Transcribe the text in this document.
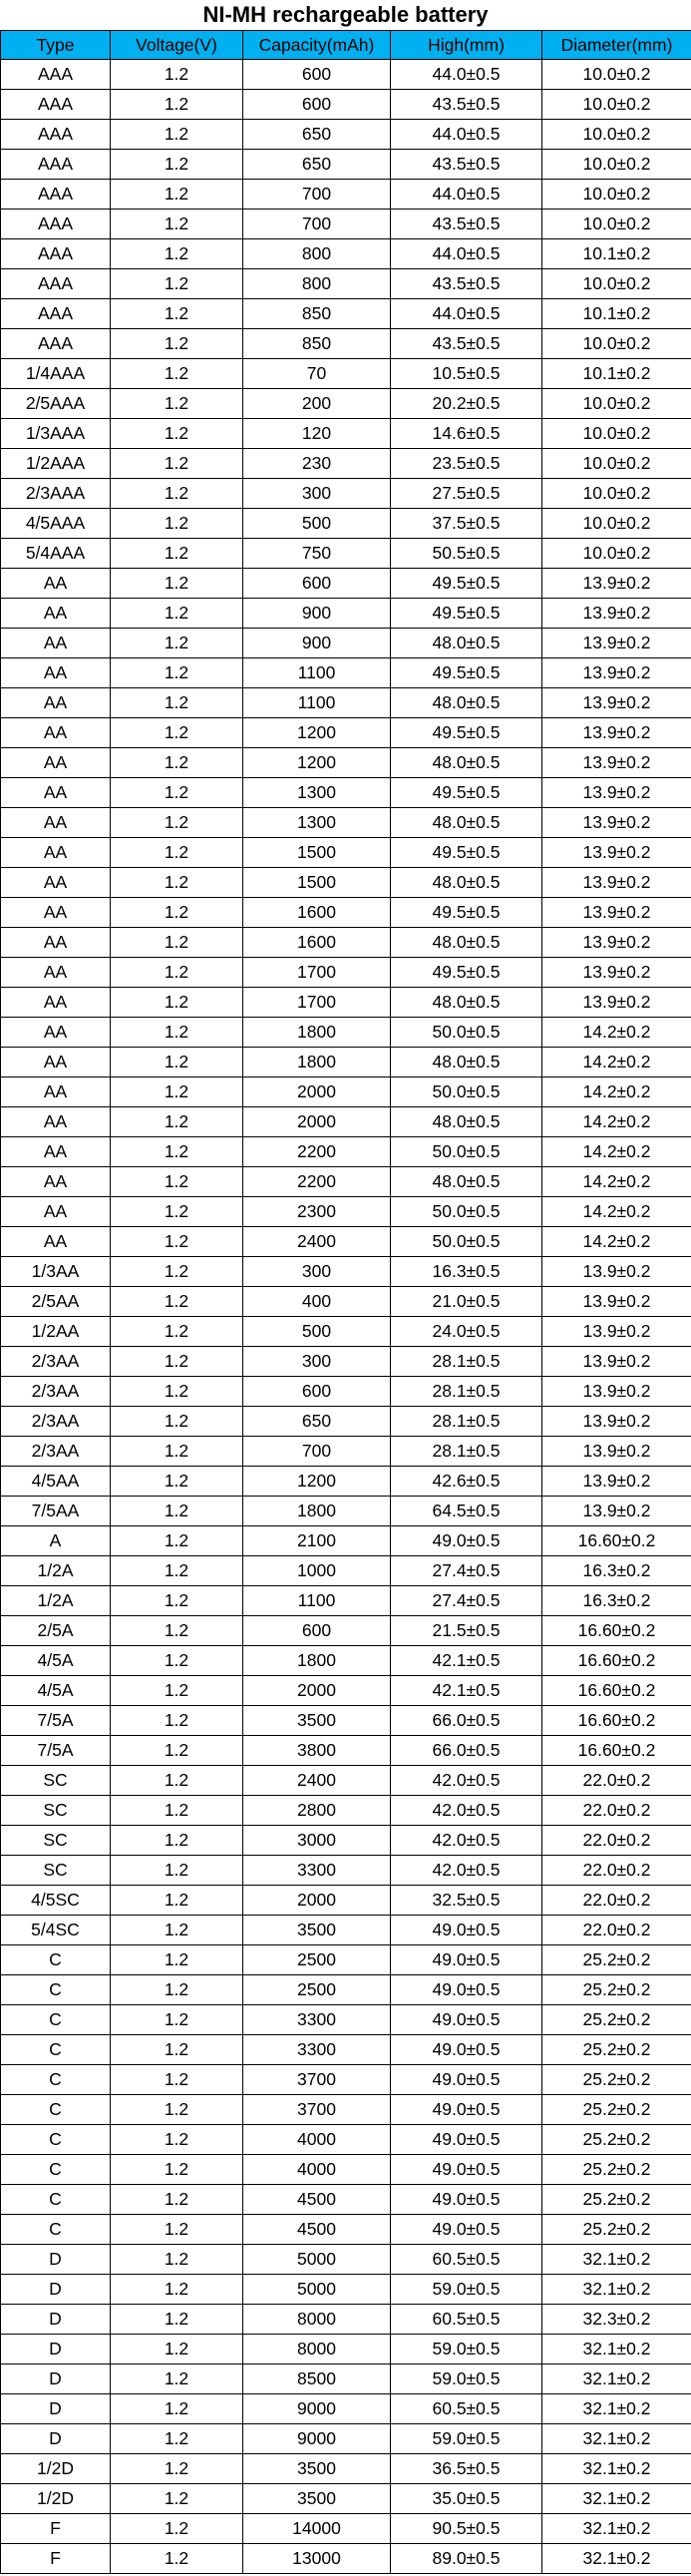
NI-MH rechargeable battery
Type	Voltage(V)	Capacity(mAh)	High(mm)	Diameter(mm)
AAA	1.2	600	44.0±0.5	10.0±0.2
AAA	1.2	600	43.5±0.5	10.0±0.2
AAA	1.2	650	44.0±0.5	10.0±0.2
AAA	1.2	650	43.5±0.5	10.0±0.2
AAA	1.2	700	44.0±0.5	10.0±0.2
AAA	1.2	700	43.5±0.5	10.0±0.2
AAA	1.2	800	44.0±0.5	10.1±0.2
AAA	1.2	800	43.5±0.5	10.0±0.2
AAA	1.2	850	44.0±0.5	10.1±0.2
AAA	1.2	850	43.5±0.5	10.0±0.2
1/4AAA	1.2	70	10.5±0.5	10.1±0.2
2/5AAA	1.2	200	20.2±0.5	10.0±0.2
1/3AAA	1.2	120	14.6±0.5	10.0±0.2
1/2AAA	1.2	230	23.5±0.5	10.0±0.2
2/3AAA	1.2	300	27.5±0.5	10.0±0.2
4/5AAA	1.2	500	37.5±0.5	10.0±0.2
5/4AAA	1.2	750	50.5±0.5	10.0±0.2
AA	1.2	600	49.5±0.5	13.9±0.2
AA	1.2	900	49.5±0.5	13.9±0.2
AA	1.2	900	48.0±0.5	13.9±0.2
AA	1.2	1100	49.5±0.5	13.9±0.2
AA	1.2	1100	48.0±0.5	13.9±0.2
AA	1.2	1200	49.5±0.5	13.9±0.2
AA	1.2	1200	48.0±0.5	13.9±0.2
AA	1.2	1300	49.5±0.5	13.9±0.2
AA	1.2	1300	48.0±0.5	13.9±0.2
AA	1.2	1500	49.5±0.5	13.9±0.2
AA	1.2	1500	48.0±0.5	13.9±0.2
AA	1.2	1600	49.5±0.5	13.9±0.2
AA	1.2	1600	48.0±0.5	13.9±0.2
AA	1.2	1700	49.5±0.5	13.9±0.2
AA	1.2	1700	48.0±0.5	13.9±0.2
AA	1.2	1800	50.0±0.5	14.2±0.2
AA	1.2	1800	48.0±0.5	14.2±0.2
AA	1.2	2000	50.0±0.5	14.2±0.2
AA	1.2	2000	48.0±0.5	14.2±0.2
AA	1.2	2200	50.0±0.5	14.2±0.2
AA	1.2	2200	48.0±0.5	14.2±0.2
AA	1.2	2300	50.0±0.5	14.2±0.2
AA	1.2	2400	50.0±0.5	14.2±0.2
1/3AA	1.2	300	16.3±0.5	13.9±0.2
2/5AA	1.2	400	21.0±0.5	13.9±0.2
1/2AA	1.2	500	24.0±0.5	13.9±0.2
2/3AA	1.2	300	28.1±0.5	13.9±0.2
2/3AA	1.2	600	28.1±0.5	13.9±0.2
2/3AA	1.2	650	28.1±0.5	13.9±0.2
2/3AA	1.2	700	28.1±0.5	13.9±0.2
4/5AA	1.2	1200	42.6±0.5	13.9±0.2
7/5AA	1.2	1800	64.5±0.5	13.9±0.2
A	1.2	2100	49.0±0.5	16.60±0.2
1/2A	1.2	1000	27.4±0.5	16.3±0.2
1/2A	1.2	1100	27.4±0.5	16.3±0.2
2/5A	1.2	600	21.5±0.5	16.60±0.2
4/5A	1.2	1800	42.1±0.5	16.60±0.2
4/5A	1.2	2000	42.1±0.5	16.60±0.2
7/5A	1.2	3500	66.0±0.5	16.60±0.2
7/5A	1.2	3800	66.0±0.5	16.60±0.2
SC	1.2	2400	42.0±0.5	22.0±0.2
SC	1.2	2800	42.0±0.5	22.0±0.2
SC	1.2	3000	42.0±0.5	22.0±0.2
SC	1.2	3300	42.0±0.5	22.0±0.2
4/5SC	1.2	2000	32.5±0.5	22.0±0.2
5/4SC	1.2	3500	49.0±0.5	22.0±0.2
C	1.2	2500	49.0±0.5	25.2±0.2
C	1.2	2500	49.0±0.5	25.2±0.2
C	1.2	3300	49.0±0.5	25.2±0.2
C	1.2	3300	49.0±0.5	25.2±0.2
C	1.2	3700	49.0±0.5	25.2±0.2
C	1.2	3700	49.0±0.5	25.2±0.2
C	1.2	4000	49.0±0.5	25.2±0.2
C	1.2	4000	49.0±0.5	25.2±0.2
C	1.2	4500	49.0±0.5	25.2±0.2
C	1.2	4500	49.0±0.5	25.2±0.2
D	1.2	5000	60.5±0.5	32.1±0.2
D	1.2	5000	59.0±0.5	32.1±0.2
D	1.2	8000	60.5±0.5	32.3±0.2
D	1.2	8000	59.0±0.5	32.1±0.2
D	1.2	8500	59.0±0.5	32.1±0.2
D	1.2	9000	60.5±0.5	32.1±0.2
D	1.2	9000	59.0±0.5	32.1±0.2
1/2D	1.2	3500	36.5±0.5	32.1±0.2
1/2D	1.2	3500	35.0±0.5	32.1±0.2
F	1.2	14000	90.5±0.5	32.1±0.2
F	1.2	13000	89.0±0.5	32.1±0.2
